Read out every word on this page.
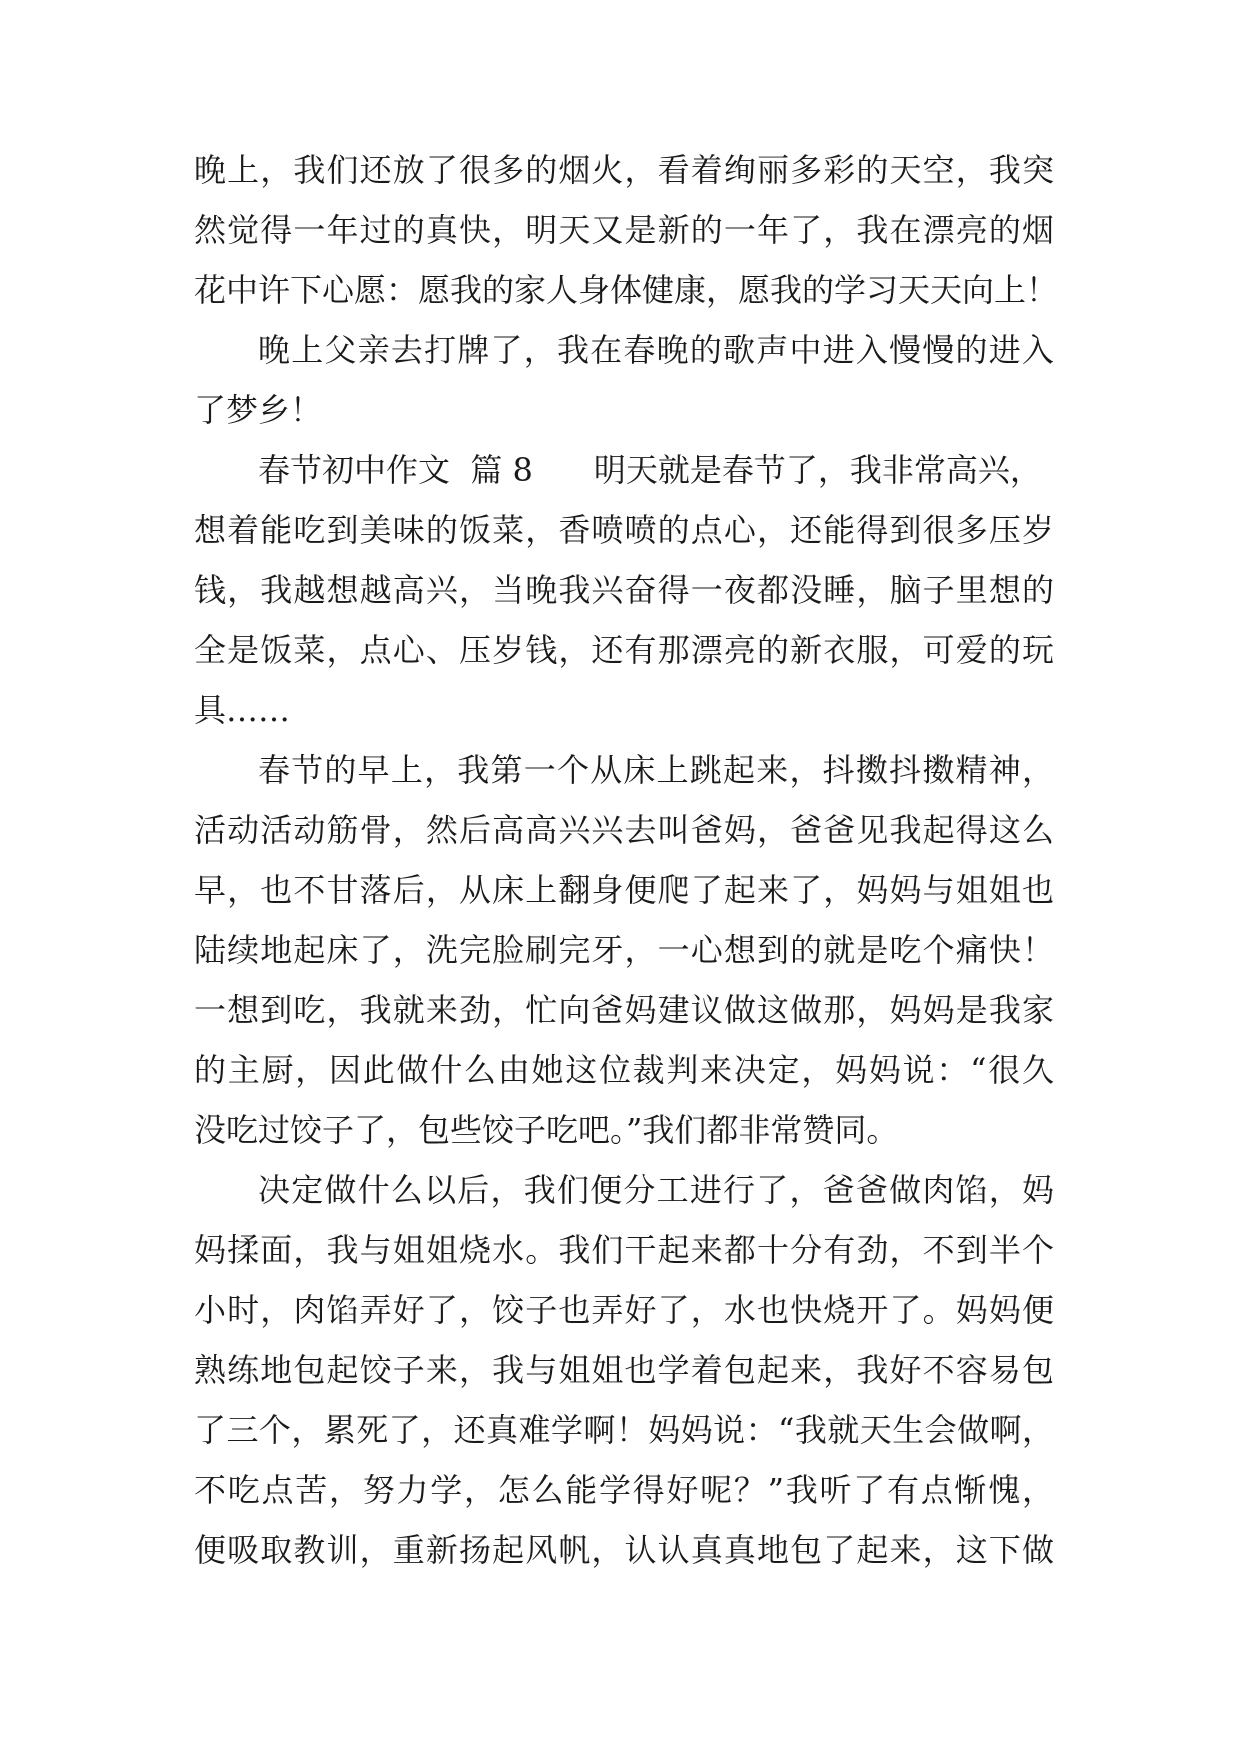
晚上，我们还放了很多的烟火，看着绚丽多彩的天空，我突
然觉得一年过的真快，明天又是新的一年了，我在漂亮的烟
花中许下心愿：愿我的家人身体健康，愿我的学习天天向上！
晚上父亲去打牌了，我在春晚的歌声中进入慢慢的进入
了梦乡！
春节初中作文  篇 8      明天就是春节了，我非常高兴，
想着能吃到美味的饭菜，香喷喷的点心，还能得到很多压岁
钱，我越想越高兴，当晚我兴奋得一夜都没睡，脑子里想的
全是饭菜，点心、压岁钱，还有那漂亮的新衣服，可爱的玩
具……
春节的早上，我第一个从床上跳起来，抖擞抖擞精神，
活动活动筋骨，然后高高兴兴去叫爸妈，爸爸见我起得这么
早，也不甘落后，从床上翻身便爬了起来了，妈妈与姐姐也
陆续地起床了，洗完脸刷完牙，一心想到的就是吃个痛快！
一想到吃，我就来劲，忙向爸妈建议做这做那，妈妈是我家
的主厨，因此做什么由她这位裁判来决定，妈妈说：“很久
没吃过饺子了，包些饺子吃吧。”我们都非常赞同。
决定做什么以后，我们便分工进行了，爸爸做肉馅，妈
妈揉面，我与姐姐烧水。我们干起来都十分有劲，不到半个
小时，肉馅弄好了，饺子也弄好了，水也快烧开了。妈妈便
熟练地包起饺子来，我与姐姐也学着包起来，我好不容易包
了三个，累死了，还真难学啊！妈妈说：“我就天生会做啊，
不吃点苦，努力学，怎么能学得好呢？”我听了有点惭愧，
便吸取教训，重新扬起风帆，认认真真地包了起来，这下做
